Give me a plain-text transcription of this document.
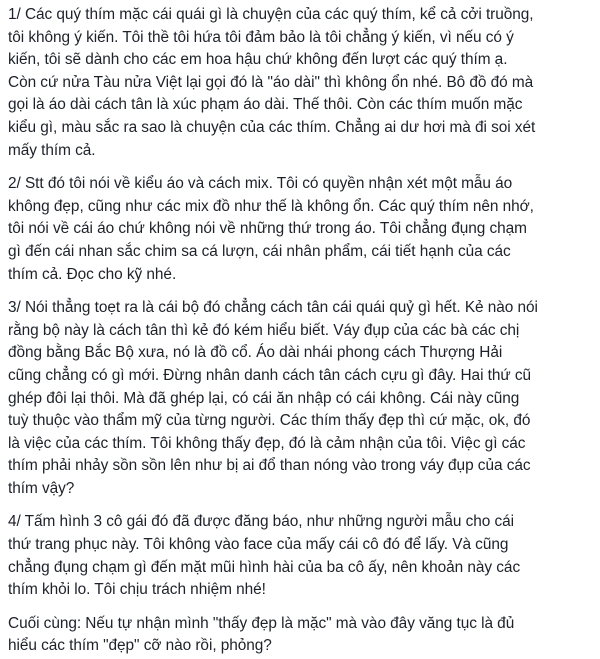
1/ Các quý thím mặc cái quái gì là chuyện của các quý thím, kể cả cởi truồng,
tôi không ý kiến. Tôi thề tôi hứa tôi đảm bảo là tôi chẳng ý kiến, vì nếu có ý
kiến, tôi sẽ dành cho các em hoa hậu chứ không đến lượt các quý thím ạ.
Còn cứ nửa Tàu nửa Việt lại gọi đó là "áo dài" thì không ổn nhé. Bô đồ đó mà
gọi là áo dài cách tân là xúc phạm áo dài. Thế thôi. Còn các thím muốn mặc
kiểu gì, màu sắc ra sao là chuyện của các thím. Chẳng ai dư hơi mà đi soi xét
mấy thím cả.

2/ Stt đó tôi nói về kiểu áo và cách mix. Tôi có quyền nhận xét một mẫu áo
không đẹp, cũng như các mix đồ như thế là không ổn. Các quý thím nên nhớ,
tôi nói về cái áo chứ không nói về những thứ trong áo. Tôi chẳng đụng chạm
gì đến cái nhan sắc chim sa cá lượn, cái nhân phẩm, cái tiết hạnh của các
thím cả. Đọc cho kỹ nhé.

3/ Nói thẳng toẹt ra là cái bộ đó chẳng cách tân cái quái quỷ gì hết. Kẻ nào nói
rằng bộ này là cách tân thì kẻ đó kém hiểu biết. Váy đụp của các bà các chị
đồng bằng Bắc Bộ xưa, nó là đồ cổ. Áo dài nhái phong cách Thượng Hải
cũng chẳng có gì mới. Đừng nhân danh cách tân cách cựu gì đây. Hai thứ cũ
ghép đôi lại thôi. Mà đã ghép lại, có cái ăn nhập có cái không. Cái này cũng
tuỳ thuộc vào thẩm mỹ của từng người. Các thím thấy đẹp thì cứ mặc, ok, đó
là việc của các thím. Tôi không thấy đẹp, đó là cảm nhận của tôi. Việc gì các
thím phải nhảy sồn sồn lên như bị ai đổ than nóng vào trong váy đụp của các
thím vậy?

4/ Tấm hình 3 cô gái đó đã được đăng báo, như những người mẫu cho cái
thứ trang phục này. Tôi không vào face của mấy cái cô đó để lấy. Và cũng
chẳng đụng chạm gì đến mặt mũi hình hài của ba cô ấy, nên khoản này các
thím khỏi lo. Tôi chịu trách nhiệm nhé!

Cuối cùng: Nếu tự nhận mình "thấy đẹp là mặc" mà vào đây văng tục là đủ
hiểu các thím "đẹp" cỡ nào rồi, phỏng?
